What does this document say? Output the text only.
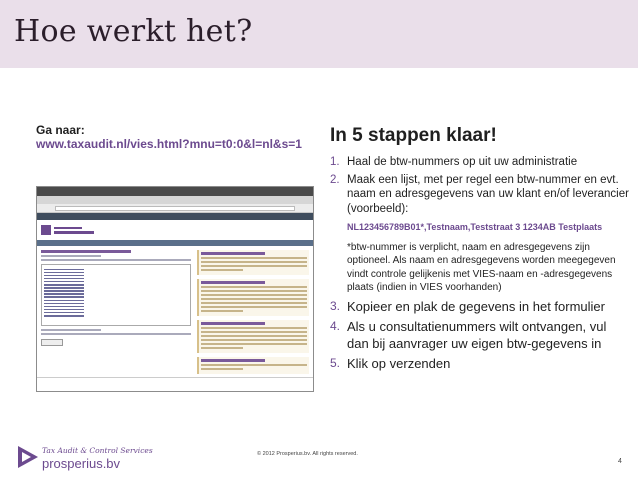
Hoe werkt het?
Ga naar:
www.taxaudit.nl/vies.html?mnu=t0:0&l=nl&s=1 In 5 stappen klaar!
1. Haal de btw-nummers op uit uw administratie
2. Maak een lijst, met per regel een btw-nummer en evt. naam en adresgegevens van uw klant en/of leverancier (voorbeeld):
NL123456789B01*,Testnaam,Teststraat 3 1234AB Testplaats
*btw-nummer is verplicht, naam en adresgegevens zijn optioneel. Als naam en adresgegevens worden meegegeven vindt controle gelijkenis met VIES-naam en -adresgegevens plaats (indien in VIES voorhanden)
3. Kopieer en plak de gegevens in het formulier
4. Als u consultatienummers wilt ontvangen, vul dan bij aanvrager uw eigen btw-gegevens in
5. Klik op verzenden
Tax Audit & Control Services
prosperius.bv
© 2012 Prosperius.bv. All rights reserved.
4
